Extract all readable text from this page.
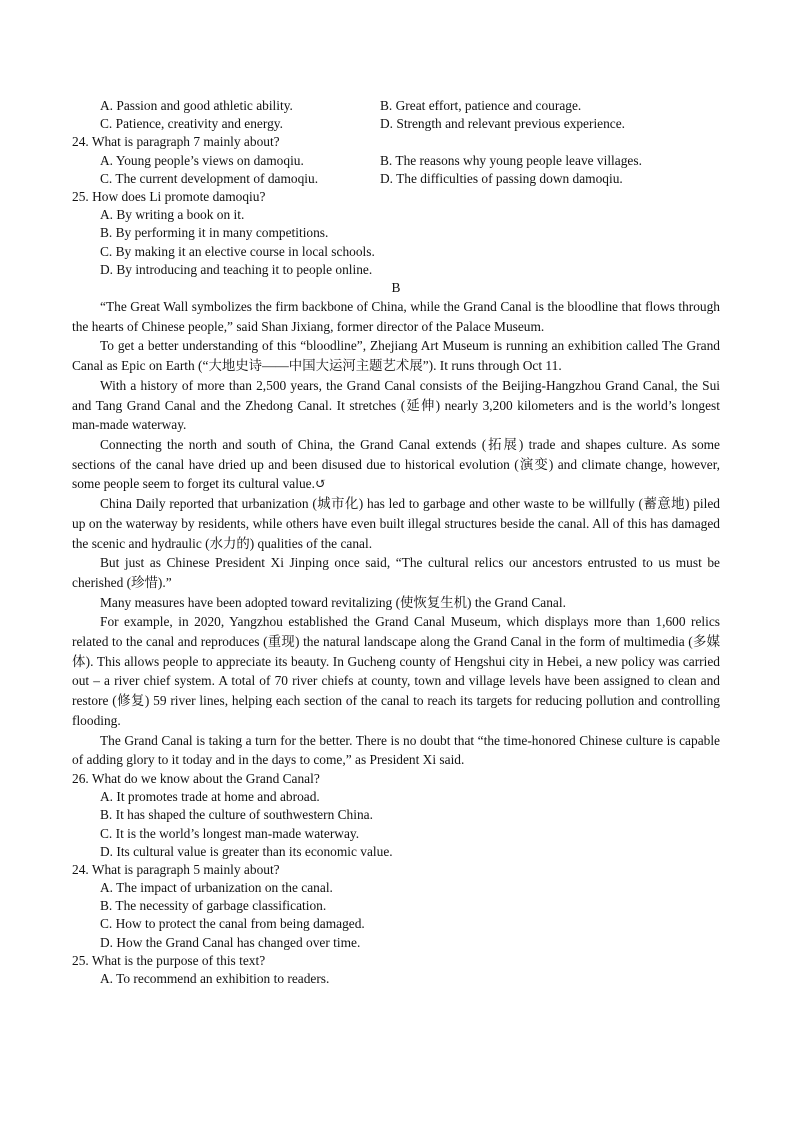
A. Passion and good athletic ability.	B. Great effort, patience and courage.
C. Patience, creativity and energy.	D. Strength and relevant previous experience.
24. What is paragraph 7 mainly about?
A. Young people’s views on damoqiu.	B. The reasons why young people leave villages.
C. The current development of damoqiu.	D. The difficulties of passing down damoqiu.
25. How does Li promote damoqiu?
A. By writing a book on it.
B. By performing it in many competitions.
C. By making it an elective course in local schools.
D. By introducing and teaching it to people online.
B

“The Great Wall symbolizes the firm backbone of China, while the Grand Canal is the bloodline that flows through the hearts of Chinese people,” said Shan Jixiang, former director of the Palace Museum.

To get a better understanding of this “bloodline”, Zhejiang Art Museum is running an exhibition called The Grand Canal as Epic on Earth (“大地史诗——中国大运河主题艺术展”). It runs through Oct 11.

With a history of more than 2,500 years, the Grand Canal consists of the Beijing-Hangzhou Grand Canal, the Sui and Tang Grand Canal and the Zhedong Canal. It stretches (延伸) nearly 3,200 kilometers and is the world’s longest man-made waterway.

Connecting the north and south of China, the Grand Canal extends (拓展) trade and shapes culture. As some sections of the canal have dried up and been disused due to historical evolution (演变) and climate change, however, some people seem to forget its cultural value.↺

China Daily reported that urbanization (城市化) has led to garbage and other waste to be willfully (蓄意地) piled up on the waterway by residents, while others have even built illegal structures beside the canal. All of this has damaged the scenic and hydraulic (水力的) qualities of the canal.

But just as Chinese President Xi Jinping once said, “The cultural relics our ancestors entrusted to us must be cherished (珍惜).”

Many measures have been adopted toward revitalizing (使恢复生机) the Grand Canal.

For example, in 2020, Yangzhou established the Grand Canal Museum, which displays more than 1,600 relics related to the canal and reproduces (重现) the natural landscape along the Grand Canal in the form of multimedia (多媒体). This allows people to appreciate its beauty. In Gucheng county of Hengshui city in Hebei, a new policy was carried out – a river chief system. A total of 70 river chiefs at county, town and village levels have been assigned to clean and restore (修复) 59 river lines, helping each section of the canal to reach its targets for reducing pollution and controlling flooding.

The Grand Canal is taking a turn for the better. There is no doubt that “the time-honored Chinese culture is capable of adding glory to it today and in the days to come,” as President Xi said.

26. What do we know about the Grand Canal?
A. It promotes trade at home and abroad.
B. It has shaped the culture of southwestern China.
C. It is the world’s longest man-made waterway.
D. Its cultural value is greater than its economic value.
24. What is paragraph 5 mainly about?
A. The impact of urbanization on the canal.
B. The necessity of garbage classification.
C. How to protect the canal from being damaged.
D. How the Grand Canal has changed over time.
25. What is the purpose of this text?
A. To recommend an exhibition to readers.
